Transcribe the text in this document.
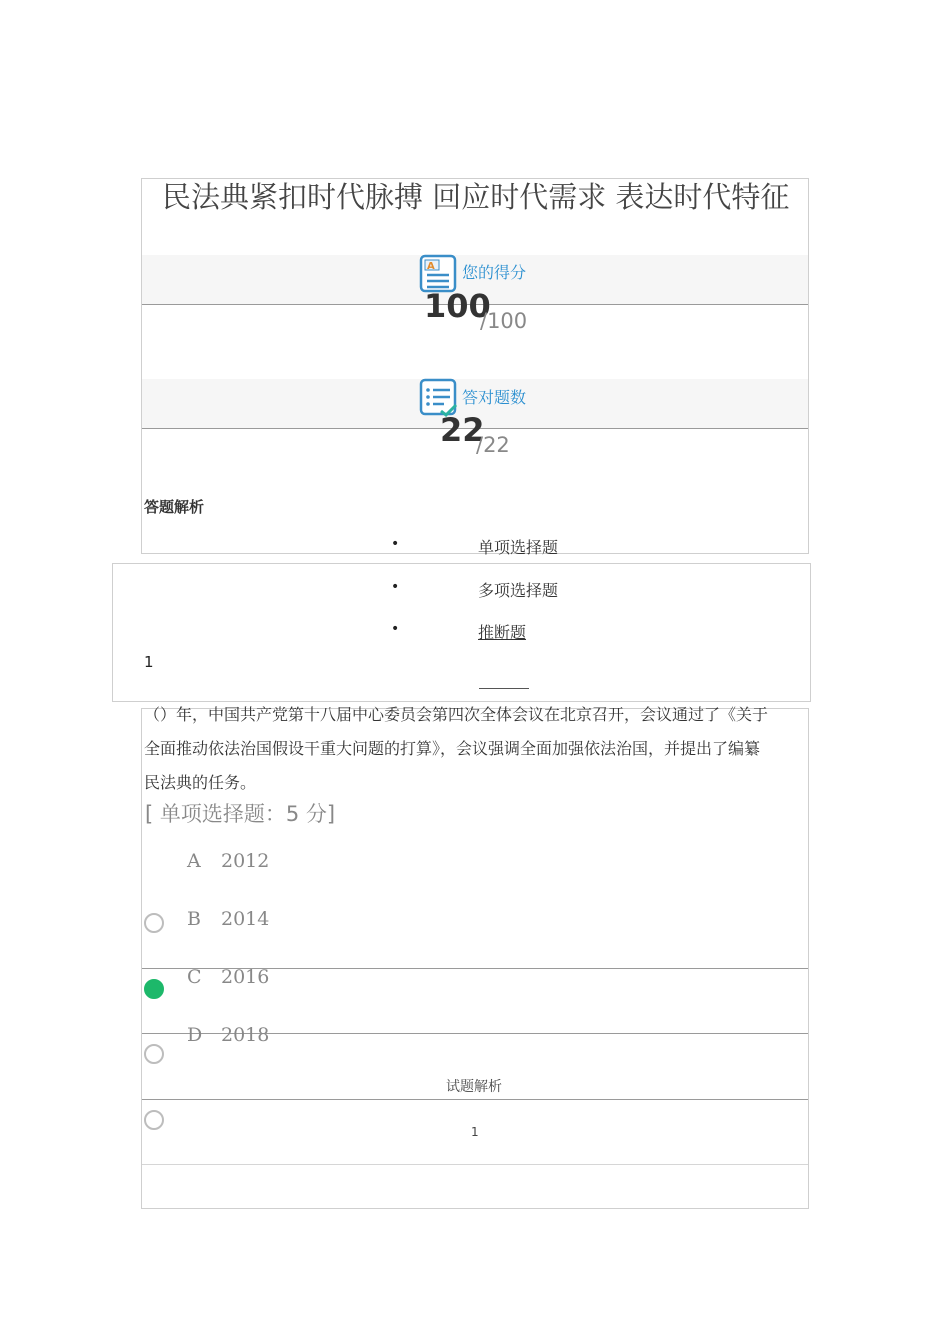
民法典紧扣时代脉搏 回应时代需求 表达时代特征
A 您的得分
100
/100
答对题数
22
/22
答题解析
•	单项选择题
•	多项选择题
•	推断题
1
（）年，中国共产党第十八届中心委员会第四次全体会议在北京召开，会议通过了《关于
全面推动依法治国假设干重大问题的打算》，会议强调全面加强依法治国，并提出了编纂
民法典的任务。
[ 单项选择题：5 分]
A 2012
B 2014
C 2016
D 2018
试题解析
1
